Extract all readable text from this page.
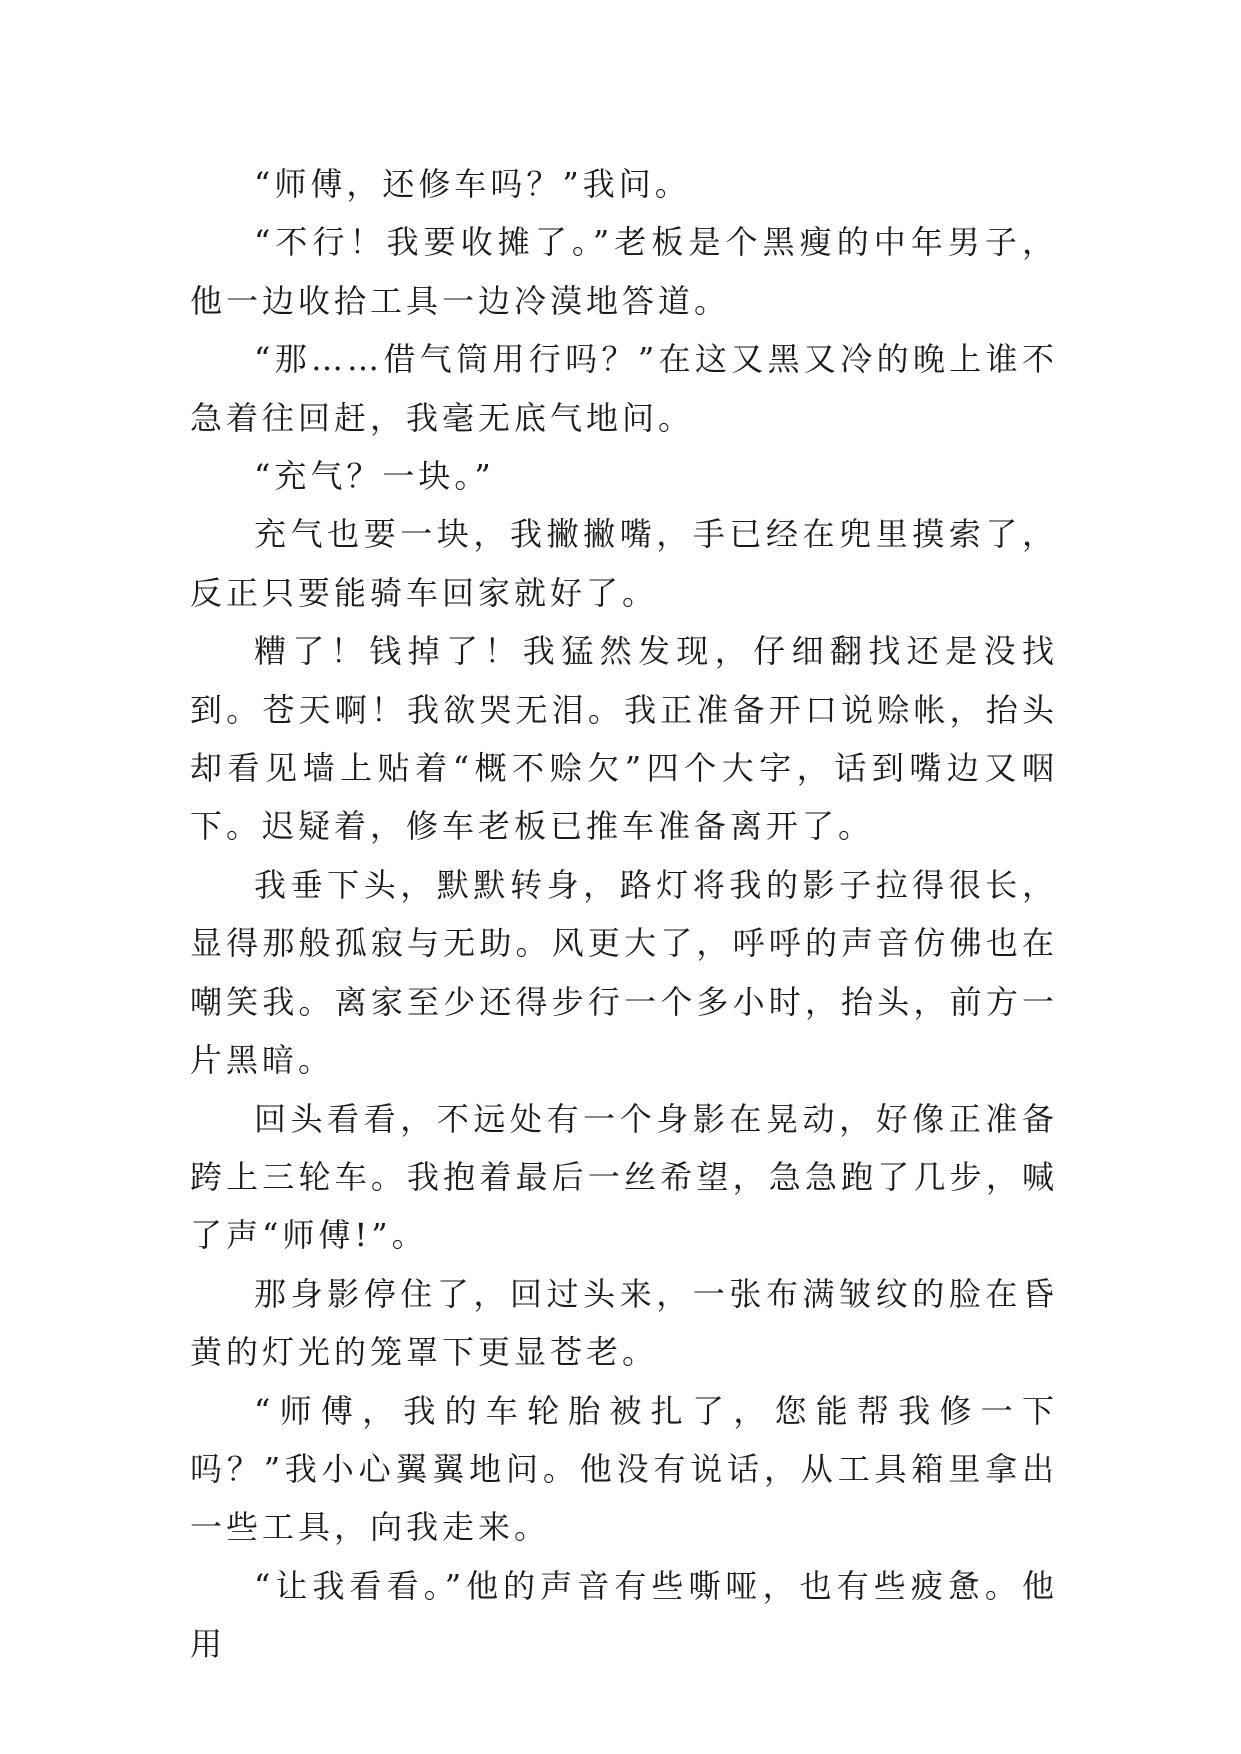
“师傅，还修车吗？”我问。

“不行！我要收摊了。”老板是个黑瘦的中年男子，他一边收拾工具一边冷漠地答道。

“那……借气筒用行吗？”在这又黑又冷的晚上谁不急着往回赶，我毫无底气地问。

“充气？一块。”

充气也要一块，我撇撇嘴，手已经在兜里摸索了，反正只要能骑车回家就好了。

糟了！钱掉了！我猛然发现，仔细翻找还是没找到。苍天啊！我欲哭无泪。我正准备开口说赊帐，抬头却看见墙上贴着“概不赊欠”四个大字，话到嘴边又咽下。迟疑着，修车老板已推车准备离开了。

我垂下头，默默转身，路灯将我的影子拉得很长，显得那般孤寂与无助。风更大了，呼呼的声音仿佛也在嘲笑我。离家至少还得步行一个多小时，抬头，前方一片黑暗。

回头看看，不远处有一个身影在晃动，好像正准备跨上三轮车。我抱着最后一丝希望，急急跑了几步，喊了声“师傅!”。

那身影停住了，回过头来，一张布满皱纹的脸在昏黄的灯光的笼罩下更显苍老。

“师傅，我的车轮胎被扎了，您能帮我修一下吗？”我小心翼翼地问。他没有说话，从工具箱里拿出一些工具，向我走来。

“让我看看。”他的声音有些嘶哑，也有些疲惫。他用
